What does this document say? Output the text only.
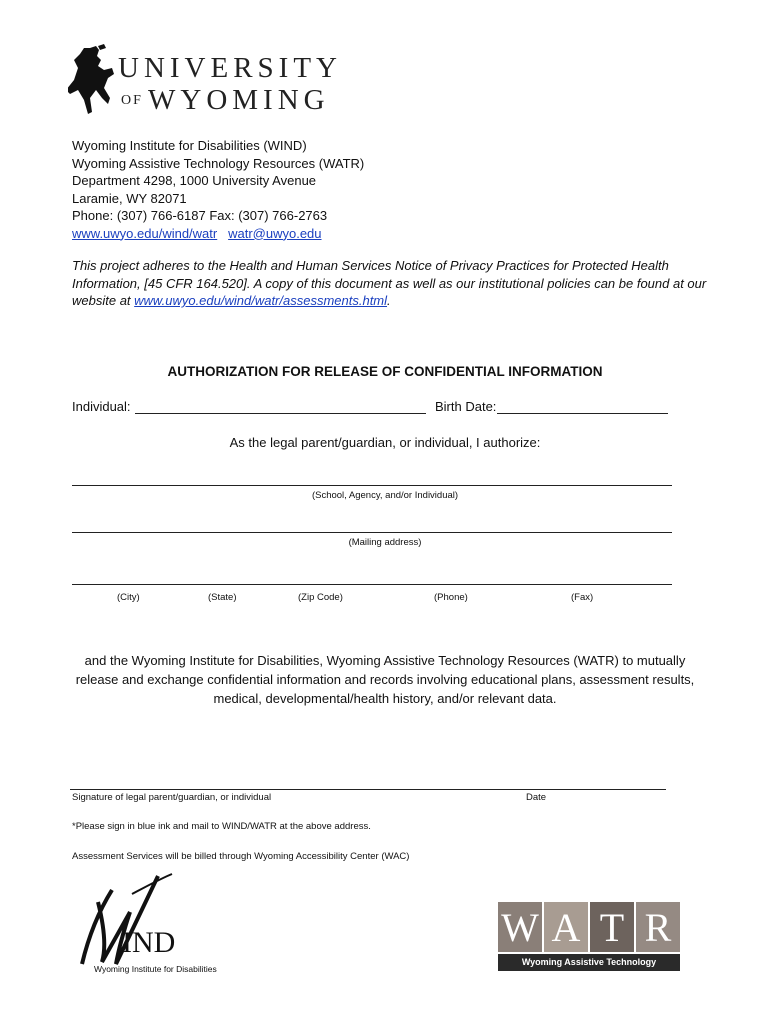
UNIVERSITY
OF WYOMING
Wyoming Institute for Disabilities (WIND)
Wyoming Assistive Technology Resources (WATR)
Department 4298, 1000 University Avenue
Laramie, WY 82071
Phone: (307) 766-6187 Fax: (307) 766-2763
www.uwyo.edu/wind/watr watr@uwyo.edu
This project adheres to the Health and Human Services Notice of Privacy Practices for Protected Health Information, [45 CFR 164.520]. A copy of this document as well as our institutional policies can be found at our website at www.uwyo.edu/wind/watr/assessments.html.
AUTHORIZATION FOR RELEASE OF CONFIDENTIAL INFORMATION
Individual:	Birth Date:
As the legal parent/guardian, or individual, I authorize:
(School, Agency, and/or Individual)
(Mailing address)
(City)	(State)	(Zip Code)	(Phone)	(Fax)
and the Wyoming Institute for Disabilities, Wyoming Assistive Technology Resources (WATR) to mutually release and exchange confidential information and records involving educational plans, assessment results, medical, developmental/health history, and/or relevant data.
Signature of legal parent/guardian, or individual	Date
*Please sign in blue ink and mail to WIND/WATR at the above address.
Assessment Services will be billed through Wyoming Accessibility Center (WAC)
IND
Wyoming Institute for Disabilities
W A T R
Wyoming Assistive Technology Resources
